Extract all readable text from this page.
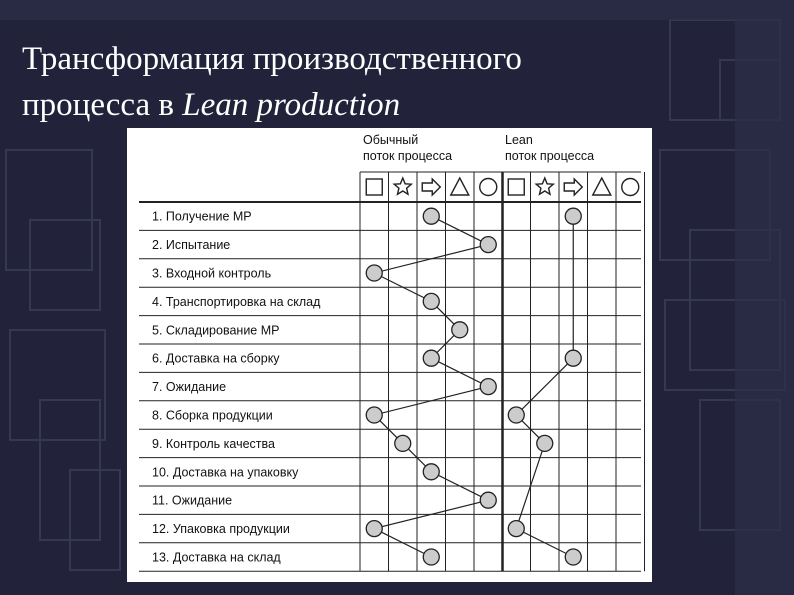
Трансформация производственного
процесса в Lean production
Обычный
поток процесса
Lean
поток процесса
1. Получение МР
2. Испытание
3. Входной контроль
4. Транспортировка на склад
5. Складирование МР
6. Доставка на сборку
7. Ожидание
8. Сборка продукции
9. Контроль качества
10. Доставка на упаковку
11. Ожидание
12. Упаковка продукции
13. Доставка на склад
